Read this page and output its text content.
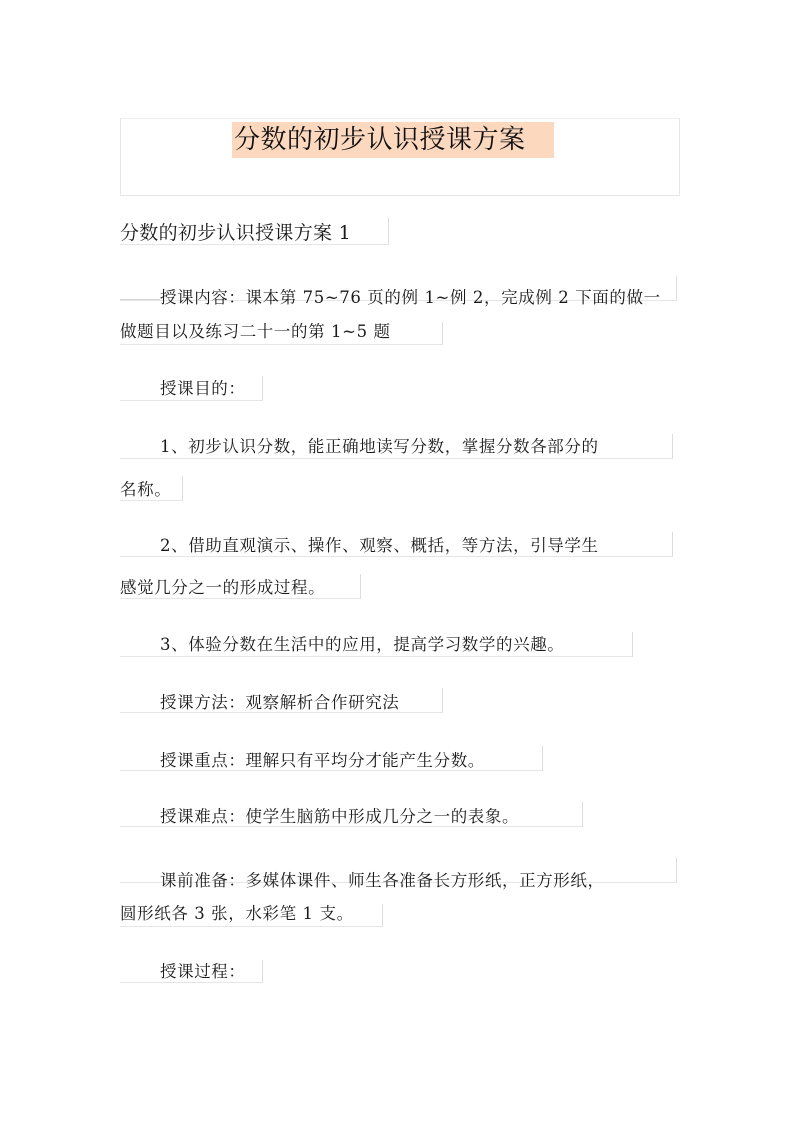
分数的初步认识授课方案
分数的初步认识授课方案 1
授课内容：课本第 75~76 页的例 1~例 2，完成例 2 下面的做一
做题目以及练习二十一的第 1~5 题
授课目的：
1、初步认识分数，能正确地读写分数，掌握分数各部分的
名称。
2、借助直观演示、操作、观察、概括，等方法，引导学生
感觉几分之一的形成过程。
3、体验分数在生活中的应用，提高学习数学的兴趣。
授课方法：观察解析合作研究法
授课重点：理解只有平均分才能产生分数。
授课难点：使学生脑筋中形成几分之一的表象。
课前准备：多媒体课件、师生各准备长方形纸，正方形纸，
圆形纸各 3 张，水彩笔 1 支。
授课过程：
